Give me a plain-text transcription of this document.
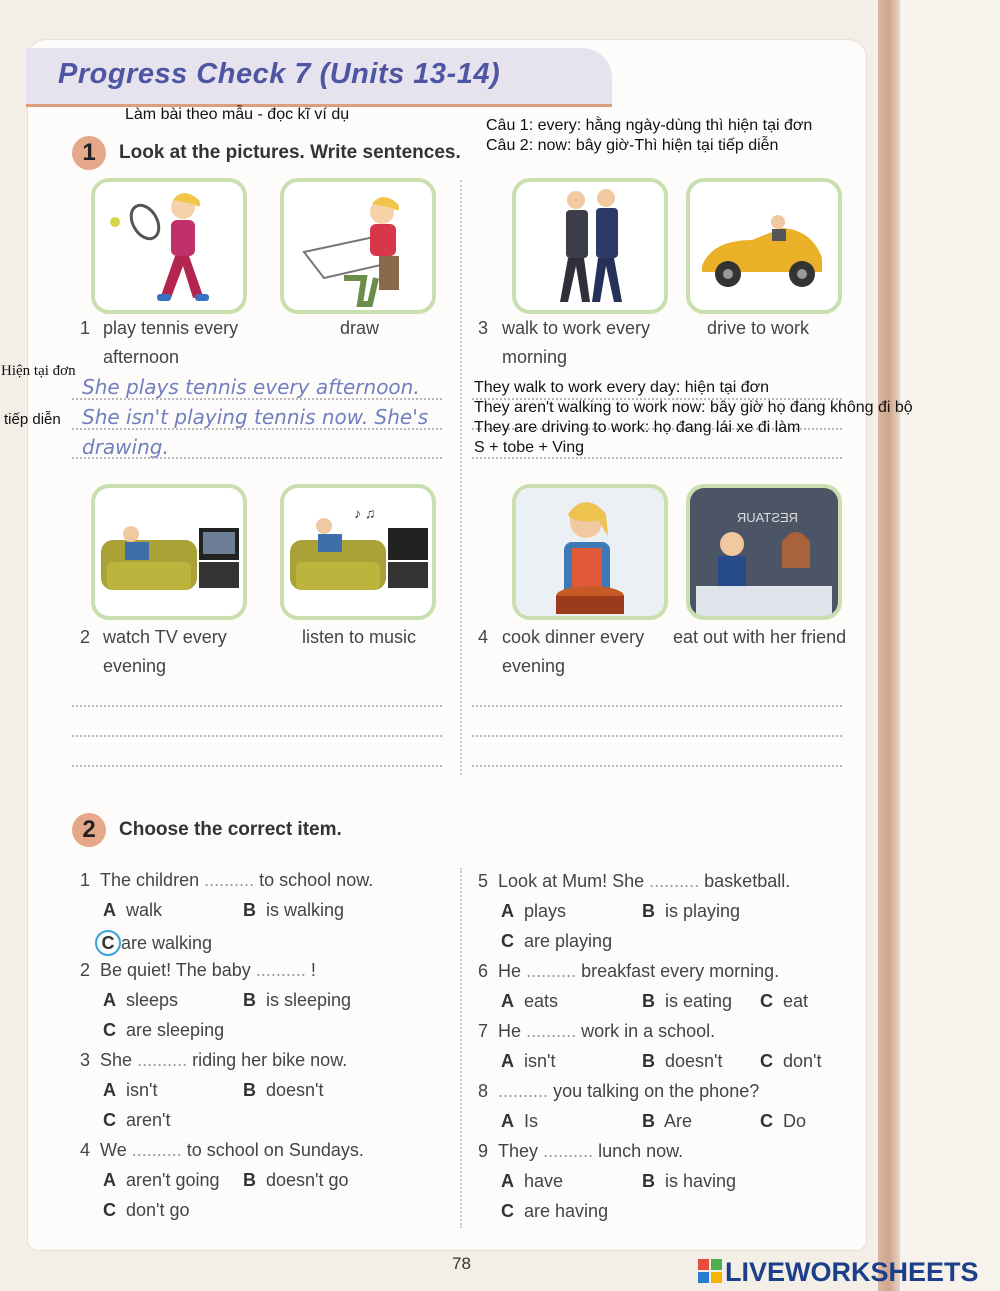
Progress Check 7 (Units 13-14)
Làm bài theo mẫu - đọc kĩ ví dụ
Câu 1: every: hằng ngày-dùng thì hiện tại đơn
Câu 2: now: bây giờ-Thì hiện tại tiếp diễn
Hiện tại đơn
tiếp diễn
1	Look at the pictures. Write sentences.
1 play tennis every
afternoon
draw
She plays tennis every afternoon.
She isn't playing tennis now. She's
drawing.
3 walk to work every
morning
drive to work
They walk to work every day: hiện tại đơn
They aren't walking to work now: bây giờ họ đang không đi bộ
They are driving to work: họ đang lái xe đi làm
S + tobe + Ving
♪ ♫	RESTAUR
2 watch TV every
evening
listen to music	4 cook dinner every
evening
eat out with her friend
2	Choose the correct item.
1 The children .......... to school now.
A walk	B is walking
C are walking
2 Be quiet! The baby .......... !
A sleeps	B is sleeping
C are sleeping
3 She .......... riding her bike now.
A isn't	B doesn't
C aren't
4 We .......... to school on Sundays.
A aren't going B doesn't go
C don't go
5 Look at Mum! She .......... basketball.
A plays	B is playing
C are playing
6 He .......... breakfast every morning.
A eats	B is eating C eat
7 He .......... work in a school.
A isn't	B doesn't C don't
8 .......... you talking on the phone?
A Is	B Are	C Do
9 They .......... lunch now.
A have	B is having
C are having
78	LIVEWORKSHEETS
